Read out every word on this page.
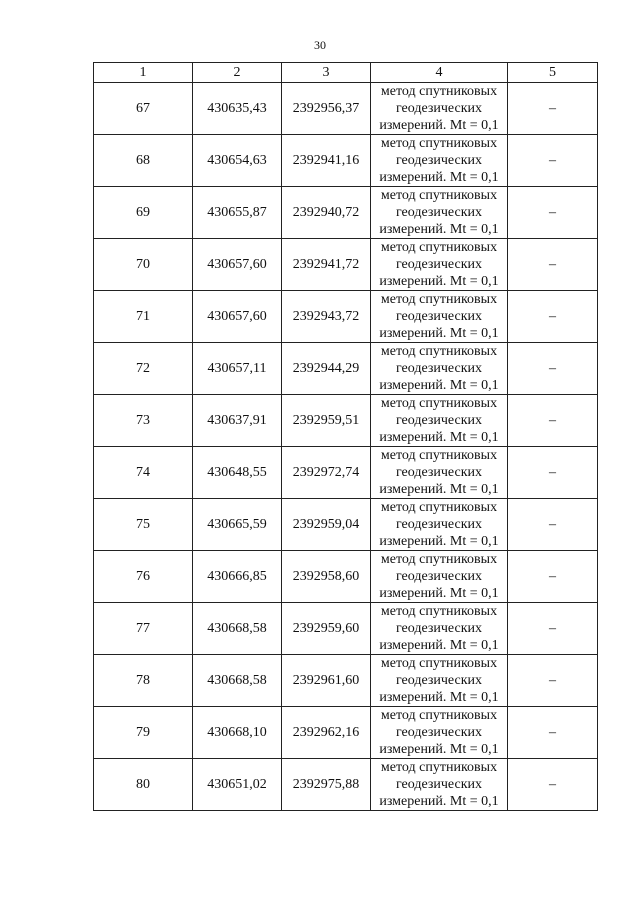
30
1	2	3	4	5
67	430635,43	2392956,37	метод спутниковых
геодезических
измерений. Mt = 0,1	–
68	430654,63	2392941,16	метод спутниковых
геодезических
измерений. Mt = 0,1	–
69	430655,87	2392940,72	метод спутниковых
геодезических
измерений. Mt = 0,1	–
70	430657,60	2392941,72	метод спутниковых
геодезических
измерений. Mt = 0,1	–
71	430657,60	2392943,72	метод спутниковых
геодезических
измерений. Mt = 0,1	–
72	430657,11	2392944,29	метод спутниковых
геодезических
измерений. Mt = 0,1	–
73	430637,91	2392959,51	метод спутниковых
геодезических
измерений. Mt = 0,1	–
74	430648,55	2392972,74	метод спутниковых
геодезических
измерений. Mt = 0,1	–
75	430665,59	2392959,04	метод спутниковых
геодезических
измерений. Mt = 0,1	–
76	430666,85	2392958,60	метод спутниковых
геодезических
измерений. Mt = 0,1	–
77	430668,58	2392959,60	метод спутниковых
геодезических
измерений. Mt = 0,1	–
78	430668,58	2392961,60	метод спутниковых
геодезических
измерений. Mt = 0,1	–
79	430668,10	2392962,16	метод спутниковых
геодезических
измерений. Mt = 0,1	–
80	430651,02	2392975,88	метод спутниковых
геодезических
измерений. Mt = 0,1	–
